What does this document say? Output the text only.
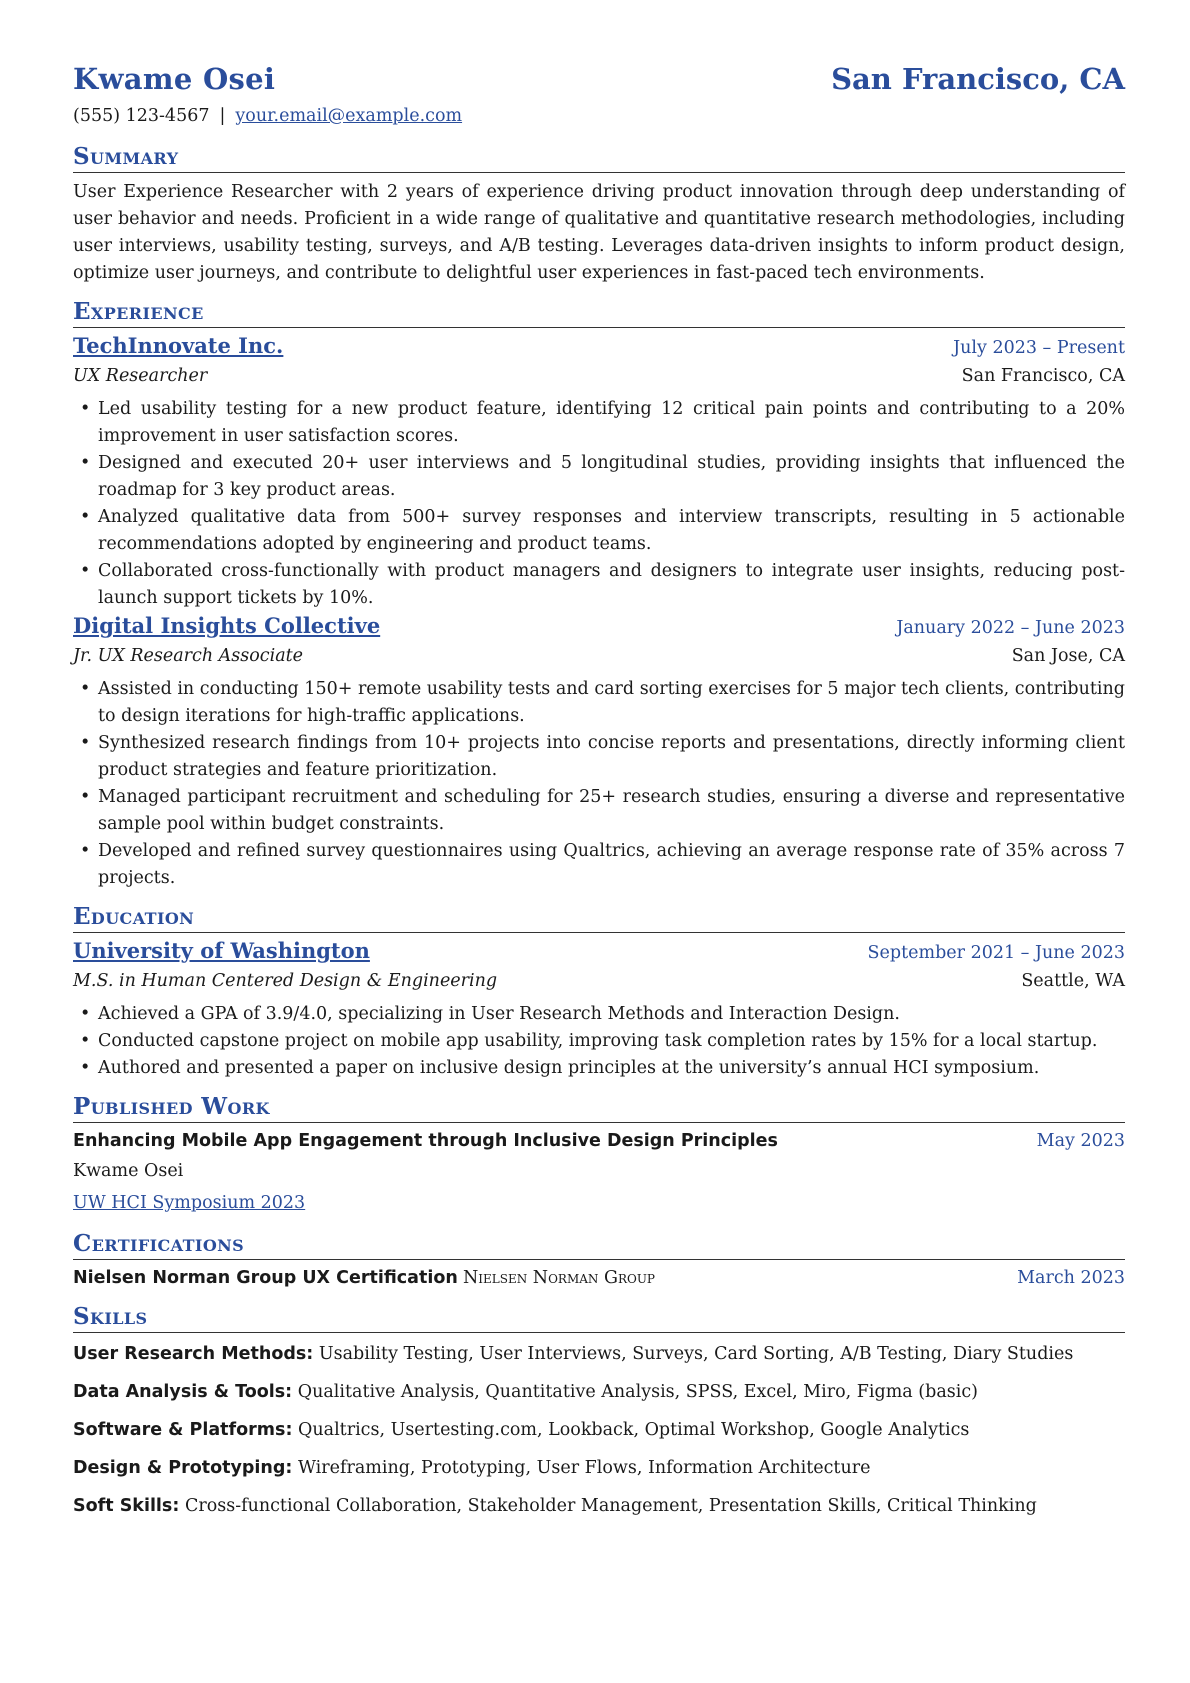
Kwame Osei	San Francisco, CA
(555) 123-4567 | your.email@example.com
Summary

User Experience Researcher with 2 years of experience driving product innovation through deep understanding of user behavior and needs. Proficient in a wide range of qualitative and quantitative research methodologies, including user interviews, usability testing, surveys, and A/B testing. Leverages data-driven insights to inform product design, optimize user journeys, and contribute to delightful user experiences in fast-paced tech environments.

Experience
TechInnovate Inc.	July 2023 – Present
UX Researcher	San Francisco, CA
• Led usability testing for a new product feature, identifying 12 critical pain points and contributing to a 20% improvement in user satisfaction scores.
• Designed and executed 20+ user interviews and 5 longitudinal studies, providing insights that influenced the roadmap for 3 key product areas.
• Analyzed qualitative data from 500+ survey responses and interview transcripts, resulting in 5 actionable recommendations adopted by engineering and product teams.
• Collaborated cross-functionally with product managers and designers to integrate user insights, reducing post-launch support tickets by 10%.
Digital Insights Collective	January 2022 – June 2023
Jr. UX Research Associate	San Jose, CA
• Assisted in conducting 150+ remote usability tests and card sorting exercises for 5 major tech clients, contributing to design iterations for high-traffic applications.
• Synthesized research findings from 10+ projects into concise reports and presentations, directly informing client product strategies and feature prioritization.
• Managed participant recruitment and scheduling for 25+ research studies, ensuring a diverse and representative sample pool within budget constraints.
• Developed and refined survey questionnaires using Qualtrics, achieving an average response rate of 35% across 7 projects.
Education
University of Washington	September 2021 – June 2023
M.S. in Human Centered Design & Engineering	Seattle, WA
• Achieved a GPA of 3.9/4.0, specializing in User Research Methods and Interaction Design.
• Conducted capstone project on mobile app usability, improving task completion rates by 15% for a local startup.
• Authored and presented a paper on inclusive design principles at the university’s annual HCI symposium.
Published Work
Enhancing Mobile App Engagement through Inclusive Design Principles	May 2023
Kwame Osei
UW HCI Symposium 2023
Certifications
Nielsen Norman Group UX Certification Nielsen Norman Group	March 2023
Skills
User Research Methods: Usability Testing, User Interviews, Surveys, Card Sorting, A/B Testing, Diary Studies
Data Analysis & Tools: Qualitative Analysis, Quantitative Analysis, SPSS, Excel, Miro, Figma (basic)
Software & Platforms: Qualtrics, Usertesting.com, Lookback, Optimal Workshop, Google Analytics
Design & Prototyping: Wireframing, Prototyping, User Flows, Information Architecture
Soft Skills: Cross-functional Collaboration, Stakeholder Management, Presentation Skills, Critical Thinking
